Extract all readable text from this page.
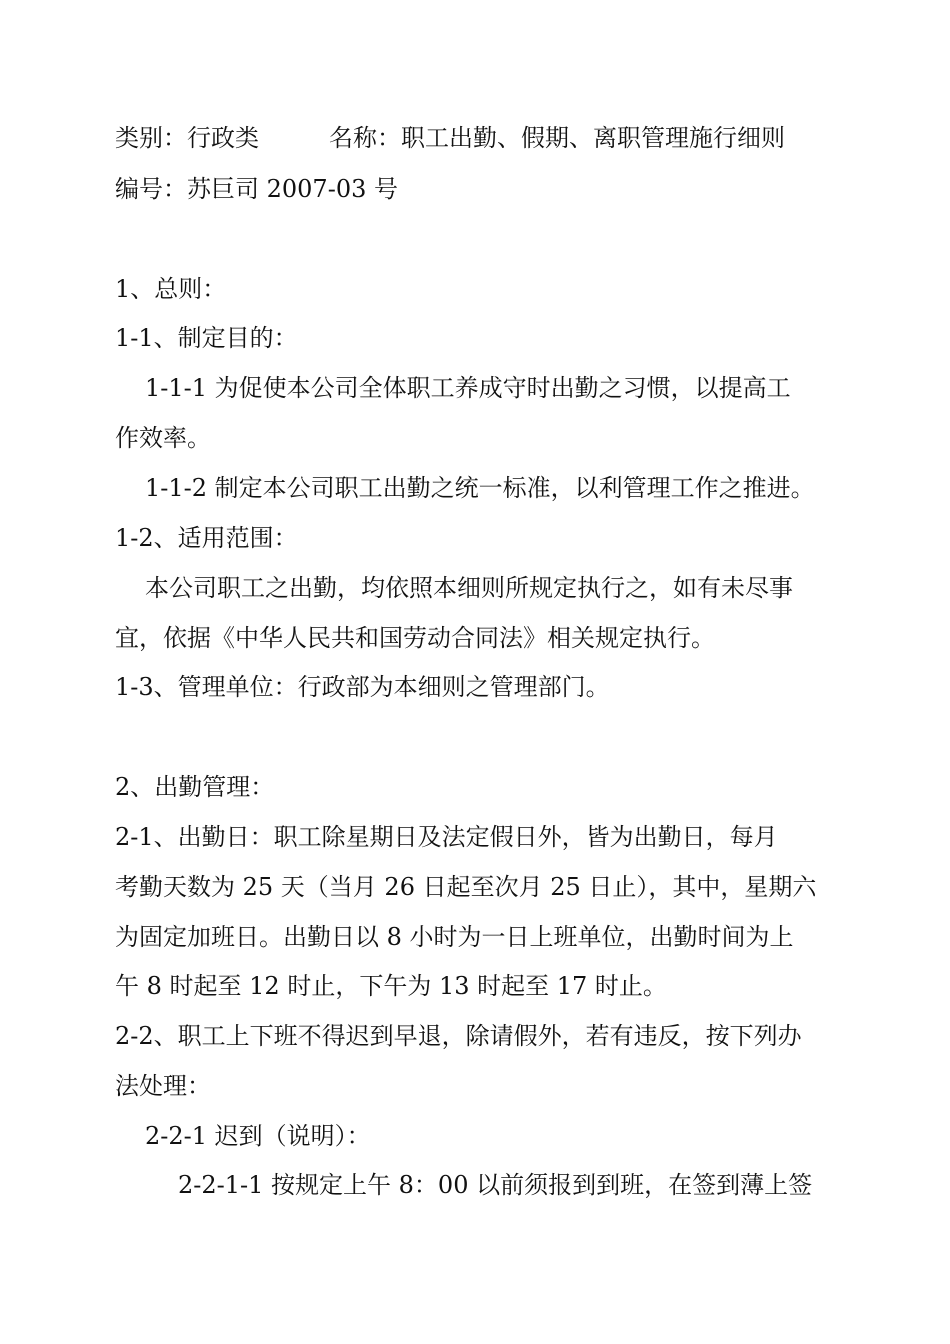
类别：行政类	名称：职工出勤、假期、离职管理施行细则
编号：苏巨司 2007-03 号
1、总则：
1-1、制定目的：
1-1-1 为促使本公司全体职工养成守时出勤之习惯，以提高工
作效率。
1-1-2 制定本公司职工出勤之统一标准，以利管理工作之推进。
1-2、适用范围：
本公司职工之出勤，均依照本细则所规定执行之，如有未尽事
宜，依据《中华人民共和国劳动合同法》相关规定执行。
1-3、管理单位：行政部为本细则之管理部门。
2、出勤管理：
2-1、出勤日：职工除星期日及法定假日外，皆为出勤日，每月
考勤天数为 25 天（当月 26 日起至次月 25 日止），其中，星期六
为固定加班日。出勤日以 8 小时为一日上班单位，出勤时间为上
午 8 时起至 12 时止，下午为 13 时起至 17 时止。
2-2、职工上下班不得迟到早退，除请假外，若有违反，按下列办
法处理：
2-2-1 迟到（说明）：
2-2-1-1 按规定上午 8：00 以前须报到到班，在签到薄上签
